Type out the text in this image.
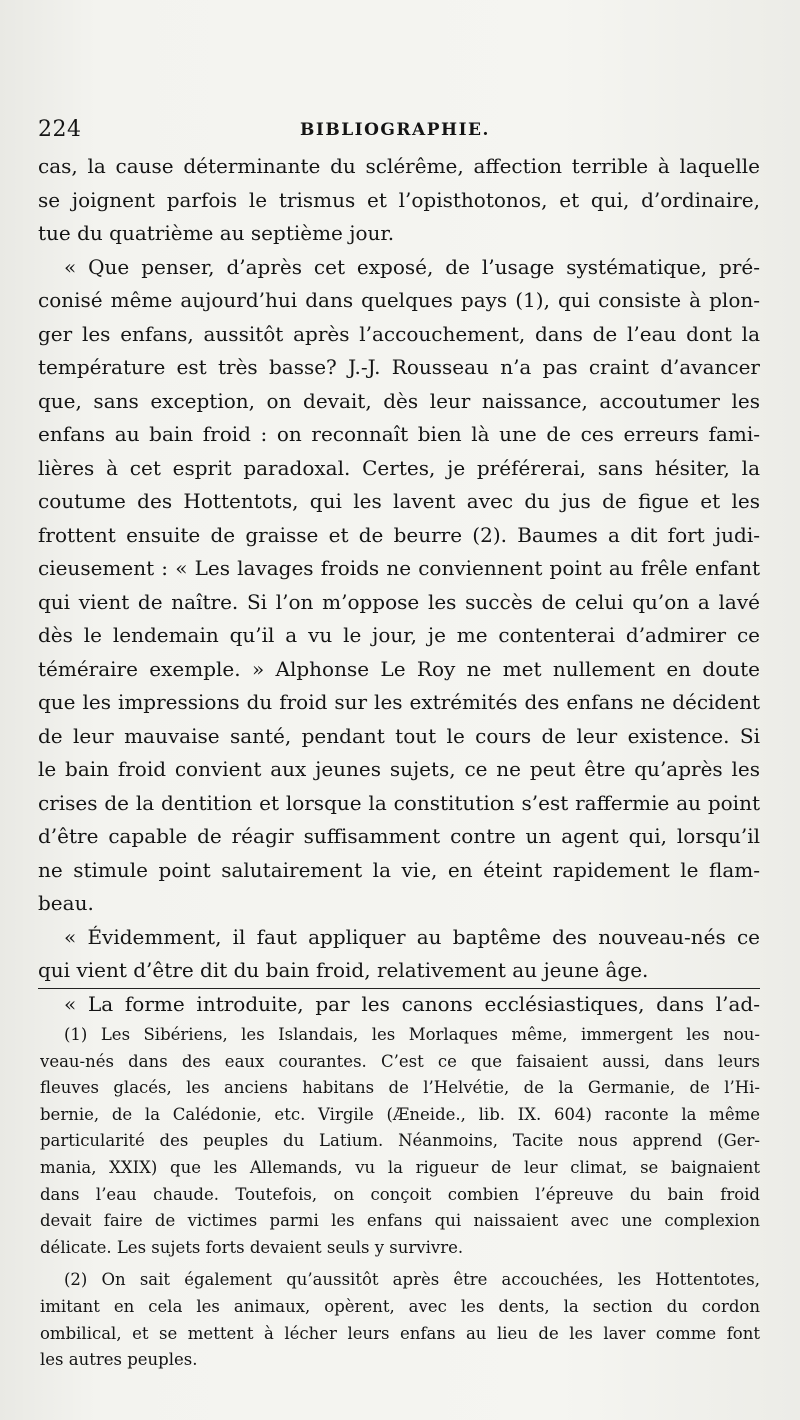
224	BIBLIOGRAPHIE.
cas, la cause déterminante du sclérême, affection terrible à laquelle
se joignent parfois le trismus et l’opisthotonos, et qui, d’ordinaire,
tue du quatrième au septième jour.
« Que penser, d’après cet exposé, de l’usage systématique, pré-
conisé même aujourd’hui dans quelques pays (1), qui consiste à plon-
ger les enfans, aussitôt après l’accouchement, dans de l’eau dont la
température est très basse? J.-J. Rousseau n’a pas craint d’avancer
que, sans exception, on devait, dès leur naissance, accoutumer les
enfans au bain froid : on reconnaît bien là une de ces erreurs fami-
lières à cet esprit paradoxal. Certes, je préférerai, sans hésiter, la
coutume des Hottentots, qui les lavent avec du jus de figue et les
frottent ensuite de graisse et de beurre (2). Baumes a dit fort judi-
cieusement : « Les lavages froids ne conviennent point au frêle enfant
qui vient de naître. Si l’on m’oppose les succès de celui qu’on a lavé
dès le lendemain qu’il a vu le jour, je me contenterai d’admirer ce
téméraire exemple. » Alphonse Le Roy ne met nullement en doute
que les impressions du froid sur les extrémités des enfans ne décident
de leur mauvaise santé, pendant tout le cours de leur existence. Si
le bain froid convient aux jeunes sujets, ce ne peut être qu’après les
crises de la dentition et lorsque la constitution s’est raffermie au point
d’être capable de réagir suffisamment contre un agent qui, lorsqu’il
ne stimule point salutairement la vie, en éteint rapidement le flam-
beau.
« Évidemment, il faut appliquer au baptême des nouveau-nés ce
qui vient d’être dit du bain froid, relativement au jeune âge.
« La forme introduite, par les canons ecclésiastiques, dans l’ad-
(1) Les Sibériens, les Islandais, les Morlaques même, immergent les nou-
veau-nés dans des eaux courantes. C’est ce que faisaient aussi, dans leurs
fleuves glacés, les anciens habitans de l’Helvétie, de la Germanie, de l’Hi-
bernie, de la Calédonie, etc. Virgile (Æneide., lib. IX. 604) raconte la même
particularité des peuples du Latium. Néanmoins, Tacite nous apprend (Ger-
mania, XXIX) que les Allemands, vu la rigueur de leur climat, se baignaient
dans l’eau chaude. Toutefois, on conçoit combien l’épreuve du bain froid
devait faire de victimes parmi les enfans qui naissaient avec une complexion
délicate. Les sujets forts devaient seuls y survivre.
(2) On sait également qu’aussitôt après être accouchées, les Hottentotes,
imitant en cela les animaux, opèrent, avec les dents, la section du cordon
ombilical, et se mettent à lécher leurs enfans au lieu de les laver comme font
les autres peuples.
